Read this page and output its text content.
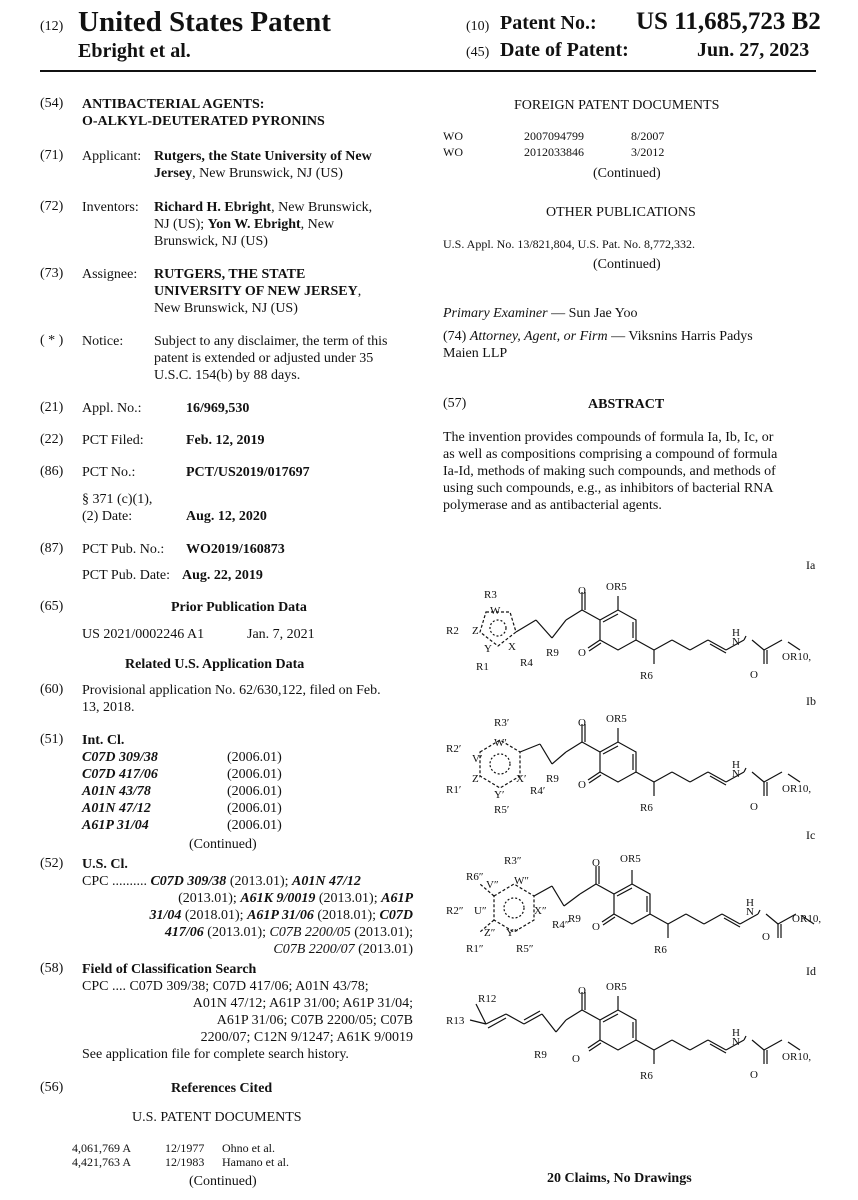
(12) United States Patent
Ebright et al.
(10) Patent No.: US 11,685,723 B2
(45) Date of Patent:	Jun. 27, 2023
(54) ANTIBACTERIAL AGENTS:
O-ALKYL-DEUTERATED PYRONINS
(71) Applicant: Rutgers, the State University of New
Jersey, New Brunswick, NJ (US)
(72) Inventors: Richard H. Ebright, New Brunswick,
NJ (US); Yon W. Ebright, New
Brunswick, NJ (US)
(73) Assignee: RUTGERS, THE STATE
UNIVERSITY OF NEW JERSEY,
New Brunswick, NJ (US)
( * ) Notice: Subject to any disclaimer, the term of this
patent is extended or adjusted under 35
U.S.C. 154(b) by 88 days.
(21) Appl. No.:	16/969,530
(22) PCT Filed:	Feb. 12, 2019
(86) PCT No.:	PCT/US2019/017697
§ 371 (c)(1),
(2) Date:	Aug. 12, 2020
(87) PCT Pub. No.: WO2019/160873
PCT Pub. Date: Aug. 22, 2019
(65)	Prior Publication Data
US 2021/0002246 A1	Jan. 7, 2021
Related U.S. Application Data
(60) Provisional application No. 62/630,122, filed on Feb.
13, 2018.
(51) Int. Cl.
C07D 309/38	(2006.01)
C07D 417/06	(2006.01)
A01N 43/78	(2006.01)
A01N 47/12	(2006.01)
A61P 31/04	(2006.01)
(Continued)
(52) U.S. Cl.
CPC .......... C07D 309/38 (2013.01); A01N 47/12
(2013.01); A61K 9/0019 (2013.01); A61P
31/04 (2018.01); A61P 31/06 (2018.01); C07D
417/06 (2013.01); C07B 2200/05 (2013.01);
C07B 2200/07 (2013.01)
(58) Field of Classification Search
CPC .... C07D 309/38; C07D 417/06; A01N 43/78;
A01N 47/12; A61P 31/00; A61P 31/04;
A61P 31/06; C07B 2200/05; C07B
2200/07; C12N 9/1247; A61K 9/0019
See application file for complete search history.
(56)	References Cited
U.S. PATENT DOCUMENTS
4,061,769 A	12/1977 Ohno et al.
4,421,763 A	12/1983 Hamano et al.
(Continued)
FOREIGN PATENT DOCUMENTS
WO	2007094799	8/2007
WO	2012033846	3/2012
(Continued)
OTHER PUBLICATIONS
U.S. Appl. No. 13/821,804, U.S. Pat. No. 8,772,332.
(Continued)
Primary Examiner — Sun Jae Yoo
(74) Attorney, Agent, or Firm — Viksnins Harris Padys
Maien LLP
(57)	ABSTRACT
The invention provides compounds of formula Ia, Ib, Ic, or
as well as compositions comprising a compound of formula
Ia-Id, methods of making such compounds, and methods of
using such compounds, e.g., as inhibitors of bacterial RNA
polymerase and as antibacterial agents.
Ia
Ib
Ic
Id
20 Claims, No Drawings
R3
W
R2 Z
Y X
R4
R1
R9
O OR5
O
R6
H
N
O
O R10,
R3′
W′
R2′
V′
Z′
R1′	Y′
R5′
X′
R4′
R9
O OR5
O
R6
H
N
O
O R10,
R3″
W″
R6″
V″
R2″ U″
Z″
R1″
Y″
R5″
X″
R4″
R9
O OR5
O
R6
H
N
O
O R10,
R12
R13
R9
O OR5
O
R6
H
N
O
O R10,
